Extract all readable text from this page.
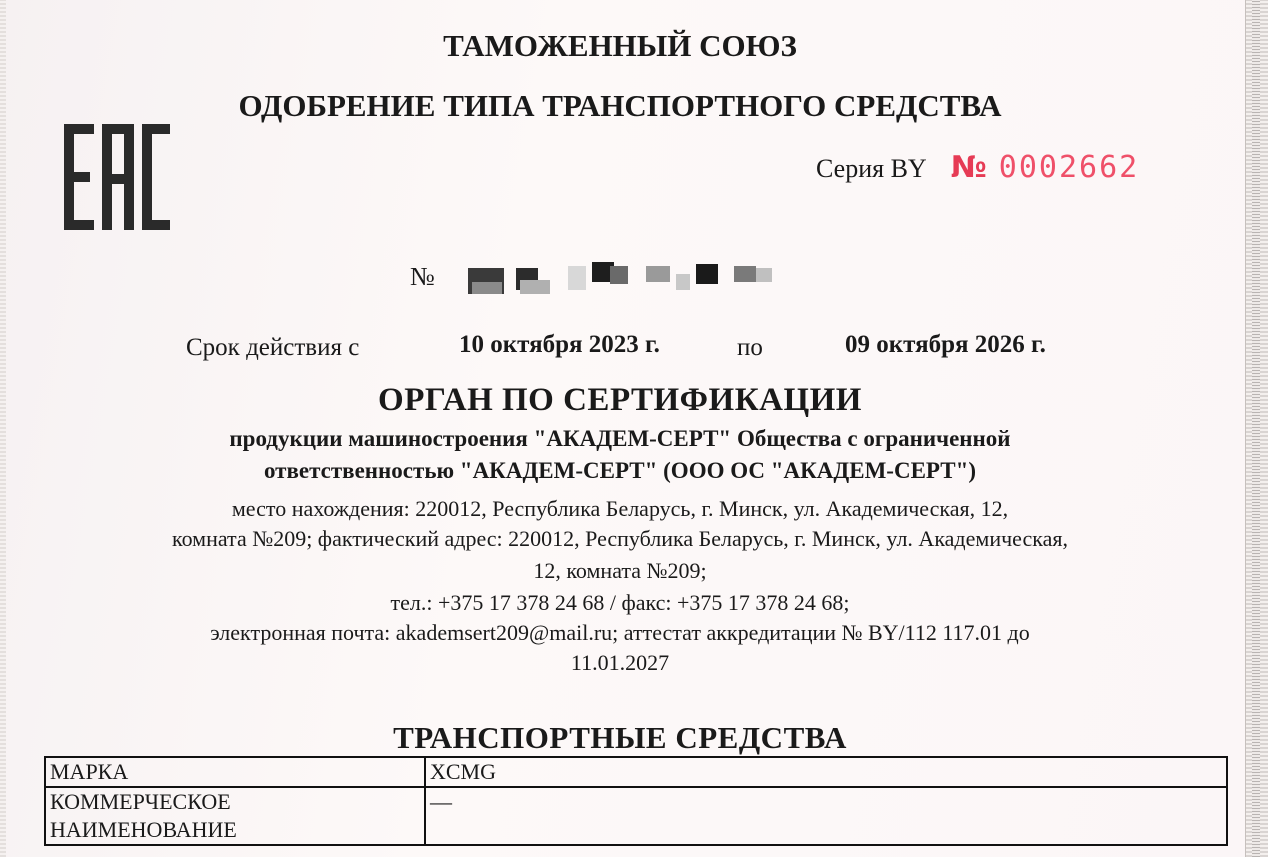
ТАМОЖЕННЫЙ СОЮЗ
ОДОБРЕНИЕ ТИПА ТРАНСПОРТНОГО СРЕДСТВА
Серия BY № 0002662
№
Срок действия с	10 октября 2023 г.	по	09 октября 2026 г.
ОРГАН ПО СЕРТИФИКАЦИИ
продукции машиностроения "АКАДЕМ-СЕРТ" Общества с ограниченной
ответственностью "АКАДЕМ-СЕРТ" (ООО ОС "АКАДЕМ-СЕРТ")
место нахождения: 220012, Республика Беларусь, г. Минск, ул. Академическая, 12,
комната №209; фактический адрес: 220012, Республика Беларусь, г. Минск, ул. Академическая,
12, комната №209;
тел.: +375 17 378 24 68 / факс: +375 17 378 24 68;
электронная почта: akademsert209@mail.ru; аттестат аккредитации № BY/112 117.01 до
11.01.2027
ТРАНСПОРТНЫЕ СРЕДСТВА
МАРКА	XCMG
КОММЕРЧЕСКОЕ НАИМЕНОВАНИЕ	—
